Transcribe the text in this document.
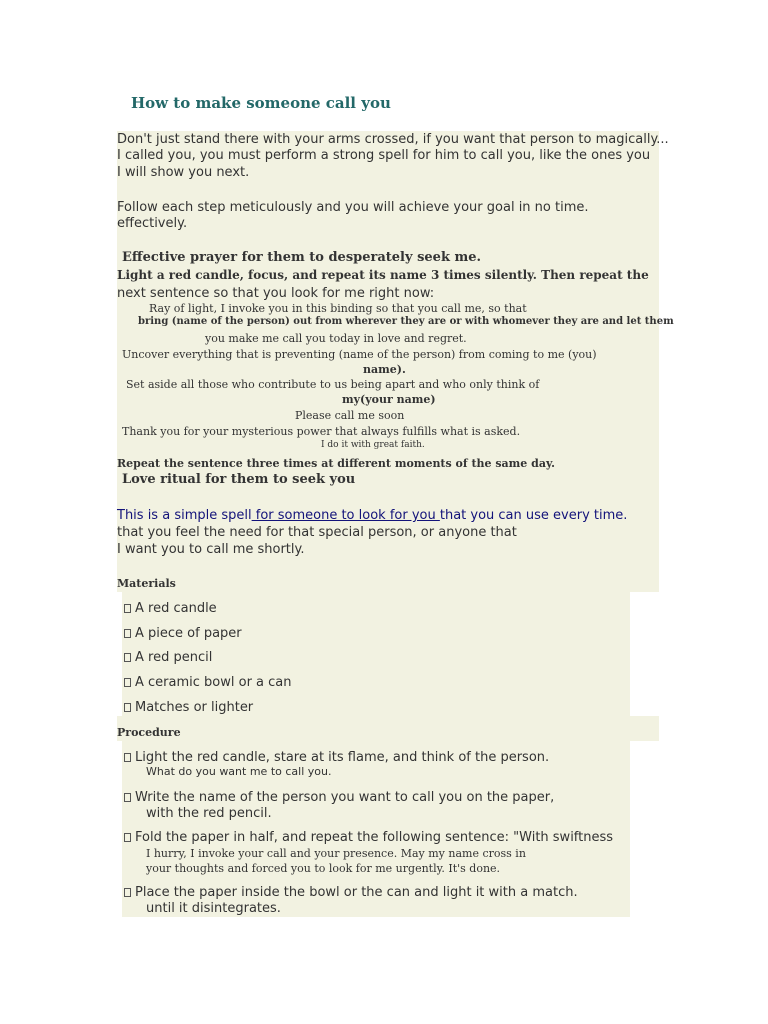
How to make someone call you
Don't just stand there with your arms crossed, if you want that person to magically...
I called you, you must perform a strong spell for him to call you, like the ones you
I will show you next.
Follow each step meticulously and you will achieve your goal in no time.
effectively.
Effective prayer for them to desperately seek me.
Light a red candle, focus, and repeat its name 3 times silently. Then repeat the
next sentence so that you look for me right now:
Ray of light, I invoke you in this binding so that you call me, so that
bring (name of the person) out from wherever they are or with whomever they are and let them
you make me call you today in love and regret.
Uncover everything that is preventing (name of the person) from coming to me (you)
name).
Set aside all those who contribute to us being apart and who only think of
my(your name)
Please call me soon
Thank you for your mysterious power that always fulfills what is asked.
I do it with great faith.
Repeat the sentence three times at different moments of the same day.
Love ritual for them to seek you
This is a simple spell for someone to look for you that you can use every time.
that you feel the need for that special person, or anyone that
I want you to call me shortly.
Materials
A red candle
A piece of paper
A red pencil
A ceramic bowl or a can
Matches or lighter
Procedure
Light the red candle, stare at its flame, and think of the person.
What do you want me to call you.
Write the name of the person you want to call you on the paper,
with the red pencil.
Fold the paper in half, and repeat the following sentence: "With swiftness
I hurry, I invoke your call and your presence. May my name cross in
your thoughts and forced you to look for me urgently. It's done.
Place the paper inside the bowl or the can and light it with a match.
until it disintegrates.
